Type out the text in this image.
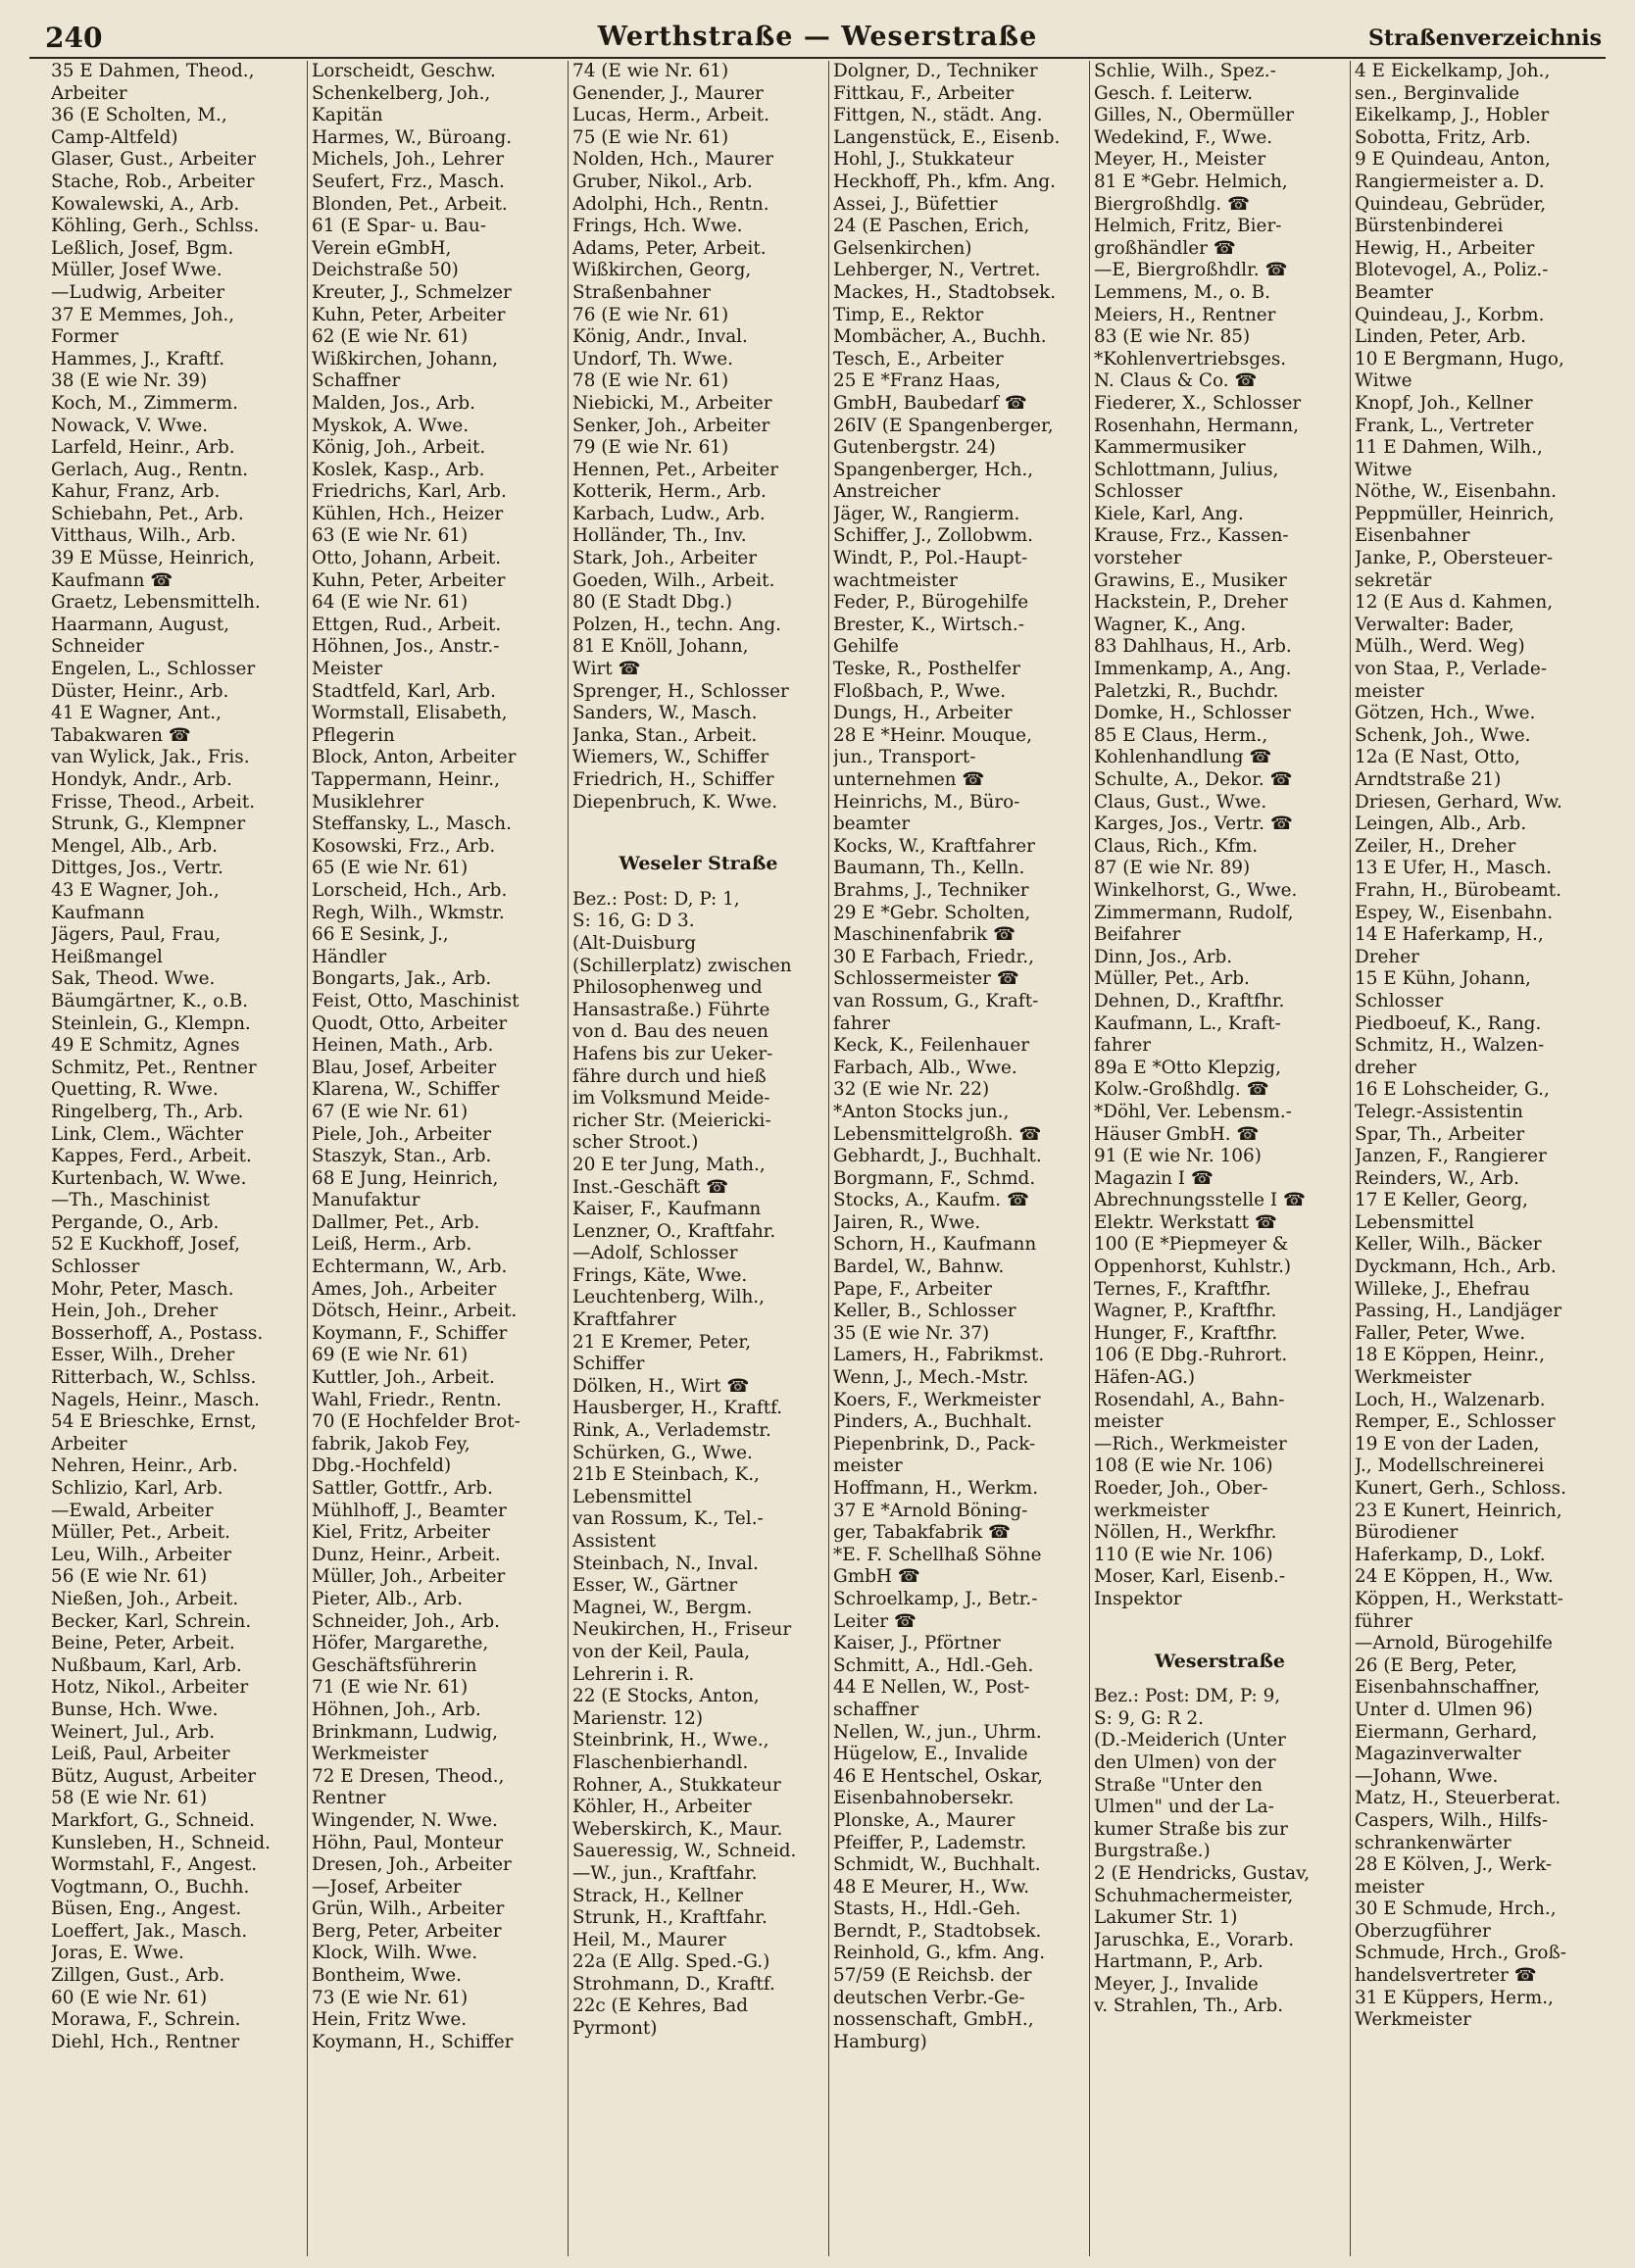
240	Werthstraße — Weserstraße	Straßenverzeichnis
35 E Dahmen, Theod.,
Arbeiter
36 (E Scholten, M.,
Camp-Altfeld)
Glaser, Gust., Arbeiter
Stache, Rob., Arbeiter
Kowalewski, A., Arb.
Köhling, Gerh., Schlss.
Leßlich, Josef, Bgm.
Müller, Josef Wwe.
—Ludwig, Arbeiter
37 E Memmes, Joh.,
Former
Hammes, J., Kraftf.
38 (E wie Nr. 39)
Koch, M., Zimmerm.
Nowack, V. Wwe.
Larfeld, Heinr., Arb.
Gerlach, Aug., Rentn.
Kahur, Franz, Arb.
Schiebahn, Pet., Arb.
Vitthaus, Wilh., Arb.
39 E Müsse, Heinrich,
Kaufmann ☎
Graetz, Lebensmittelh.
Haarmann, August,
Schneider
Engelen, L., Schlosser
Düster, Heinr., Arb.
41 E Wagner, Ant.,
Tabakwaren ☎
van Wylick, Jak., Fris.
Hondyk, Andr., Arb.
Frisse, Theod., Arbeit.
Strunk, G., Klempner
Mengel, Alb., Arb.
Dittges, Jos., Vertr.
43 E Wagner, Joh.,
Kaufmann
Jägers, Paul, Frau,
Heißmangel
Sak, Theod. Wwe.
Bäumgärtner, K., o.B.
Steinlein, G., Klempn.
49 E Schmitz, Agnes
Schmitz, Pet., Rentner
Quetting, R. Wwe.
Ringelberg, Th., Arb.
Link, Clem., Wächter
Kappes, Ferd., Arbeit.
Kurtenbach, W. Wwe.
—Th., Maschinist
Pergande, O., Arb.
52 E Kuckhoff, Josef,
Schlosser
Mohr, Peter, Masch.
Hein, Joh., Dreher
Bosserhoff, A., Postass.
Esser, Wilh., Dreher
Ritterbach, W., Schlss.
Nagels, Heinr., Masch.
54 E Brieschke, Ernst,
Arbeiter
Nehren, Heinr., Arb.
Schlizio, Karl, Arb.
—Ewald, Arbeiter
Müller, Pet., Arbeit.
Leu, Wilh., Arbeiter
56 (E wie Nr. 61)
Nießen, Joh., Arbeit.
Becker, Karl, Schrein.
Beine, Peter, Arbeit.
Nußbaum, Karl, Arb.
Hotz, Nikol., Arbeiter
Bunse, Hch. Wwe.
Weinert, Jul., Arb.
Leiß, Paul, Arbeiter
Bütz, August, Arbeiter
58 (E wie Nr. 61)
Markfort, G., Schneid.
Kunsleben, H., Schneid.
Wormstahl, F., Angest.
Vogtmann, O., Buchh.
Büsen, Eng., Angest.
Loeffert, Jak., Masch.
Joras, E. Wwe.
Zillgen, Gust., Arb.
60 (E wie Nr. 61)
Morawa, F., Schrein.
Diehl, Hch., Rentner
Lorscheidt, Geschw.
Schenkelberg, Joh.,
Kapitän
Harmes, W., Büroang.
Michels, Joh., Lehrer
Seufert, Frz., Masch.
Blonden, Pet., Arbeit.
61 (E Spar- u. Bau-
Verein eGmbH,
Deichstraße 50)
Kreuter, J., Schmelzer
Kuhn, Peter, Arbeiter
62 (E wie Nr. 61)
Wißkirchen, Johann,
Schaffner
Malden, Jos., Arb.
Myskok, A. Wwe.
König, Joh., Arbeit.
Koslek, Kasp., Arb.
Friedrichs, Karl, Arb.
Kühlen, Hch., Heizer
63 (E wie Nr. 61)
Otto, Johann, Arbeit.
Kuhn, Peter, Arbeiter
64 (E wie Nr. 61)
Ettgen, Rud., Arbeit.
Höhnen, Jos., Anstr.-
Meister
Stadtfeld, Karl, Arb.
Wormstall, Elisabeth,
Pflegerin
Block, Anton, Arbeiter
Tappermann, Heinr.,
Musiklehrer
Steffansky, L., Masch.
Kosowski, Frz., Arb.
65 (E wie Nr. 61)
Lorscheid, Hch., Arb.
Regh, Wilh., Wkmstr.
66 E Sesink, J.,
Händler
Bongarts, Jak., Arb.
Feist, Otto, Maschinist
Quodt, Otto, Arbeiter
Heinen, Math., Arb.
Blau, Josef, Arbeiter
Klarena, W., Schiffer
67 (E wie Nr. 61)
Piele, Joh., Arbeiter
Staszyk, Stan., Arb.
68 E Jung, Heinrich,
Manufaktur
Dallmer, Pet., Arb.
Leiß, Herm., Arb.
Echtermann, W., Arb.
Ames, Joh., Arbeiter
Dötsch, Heinr., Arbeit.
Koymann, F., Schiffer
69 (E wie Nr. 61)
Kuttler, Joh., Arbeit.
Wahl, Friedr., Rentn.
70 (E Hochfelder Brot-
fabrik, Jakob Fey,
Dbg.-Hochfeld)
Sattler, Gottfr., Arb.
Mühlhoff, J., Beamter
Kiel, Fritz, Arbeiter
Dunz, Heinr., Arbeit.
Müller, Joh., Arbeiter
Pieter, Alb., Arb.
Schneider, Joh., Arb.
Höfer, Margarethe,
Geschäftsführerin
71 (E wie Nr. 61)
Höhnen, Joh., Arb.
Brinkmann, Ludwig,
Werkmeister
72 E Dresen, Theod.,
Rentner
Wingender, N. Wwe.
Höhn, Paul, Monteur
Dresen, Joh., Arbeiter
—Josef, Arbeiter
Grün, Wilh., Arbeiter
Berg, Peter, Arbeiter
Klock, Wilh. Wwe.
Bontheim, Wwe.
73 (E wie Nr. 61)
Hein, Fritz Wwe.
Koymann, H., Schiffer
74 (E wie Nr. 61)
Genender, J., Maurer
Lucas, Herm., Arbeit.
75 (E wie Nr. 61)
Nolden, Hch., Maurer
Gruber, Nikol., Arb.
Adolphi, Hch., Rentn.
Frings, Hch. Wwe.
Adams, Peter, Arbeit.
Wißkirchen, Georg,
Straßenbahner
76 (E wie Nr. 61)
König, Andr., Inval.
Undorf, Th. Wwe.
78 (E wie Nr. 61)
Niebicki, M., Arbeiter
Senker, Joh., Arbeiter
79 (E wie Nr. 61)
Hennen, Pet., Arbeiter
Kotterik, Herm., Arb.
Karbach, Ludw., Arb.
Holländer, Th., Inv.
Stark, Joh., Arbeiter
Goeden, Wilh., Arbeit.
80 (E Stadt Dbg.)
Polzen, H., techn. Ang.
81 E Knöll, Johann,
Wirt ☎
Sprenger, H., Schlosser
Sanders, W., Masch.
Janka, Stan., Arbeit.
Wiemers, W., Schiffer
Friedrich, H., Schiffer
Diepenbruch, K. Wwe.
Weseler Straße
Bez.: Post: D, P: 1,
S: 16, G: D 3.
(Alt-Duisburg
(Schillerplatz) zwischen
Philosophenweg und
Hansastraße.) Führte
von d. Bau des neuen
Hafens bis zur Ueker-
fähre durch und hieß
im Volksmund Meide-
richer Str. (Meiericki-
scher Stroot.)
20 E ter Jung, Math.,
Inst.-Geschäft ☎
Kaiser, F., Kaufmann
Lenzner, O., Kraftfahr.
—Adolf, Schlosser
Frings, Käte, Wwe.
Leuchtenberg, Wilh.,
Kraftfahrer
21 E Kremer, Peter,
Schiffer
Dölken, H., Wirt ☎
Hausberger, H., Kraftf.
Rink, A., Verlademstr.
Schürken, G., Wwe.
21b E Steinbach, K.,
Lebensmittel
van Rossum, K., Tel.-
Assistent
Steinbach, N., Inval.
Esser, W., Gärtner
Magnei, W., Bergm.
Neukirchen, H., Friseur
von der Keil, Paula,
Lehrerin i. R.
22 (E Stocks, Anton,
Marienstr. 12)
Steinbrink, H., Wwe.,
Flaschenbierhandl.
Rohner, A., Stukkateur
Köhler, H., Arbeiter
Weberskirch, K., Maur.
Saueressig, W., Schneid.
—W., jun., Kraftfahr.
Strack, H., Kellner
Strunk, H., Kraftfahr.
Heil, M., Maurer
22a (E Allg. Sped.-G.)
Strohmann, D., Kraftf.
22c (E Kehres, Bad
Pyrmont)
Dolgner, D., Techniker
Fittkau, F., Arbeiter
Fittgen, N., städt. Ang.
Langenstück, E., Eisenb.
Hohl, J., Stukkateur
Heckhoff, Ph., kfm. Ang.
Assei, J., Büfettier
24 (E Paschen, Erich,
Gelsenkirchen)
Lehberger, N., Vertret.
Mackes, H., Stadtobsek.
Timp, E., Rektor
Mombächer, A., Buchh.
Tesch, E., Arbeiter
25 E *Franz Haas,
GmbH, Baubedarf ☎
26IV (E Spangenberger,
Gutenbergstr. 24)
Spangenberger, Hch.,
Anstreicher
Jäger, W., Rangierm.
Schiffer, J., Zollobwm.
Windt, P., Pol.-Haupt-
wachtmeister
Feder, P., Bürogehilfe
Brester, K., Wirtsch.-
Gehilfe
Teske, R., Posthelfer
Floßbach, P., Wwe.
Dungs, H., Arbeiter
28 E *Heinr. Mouque,
jun., Transport-
unternehmen ☎
Heinrichs, M., Büro-
beamter
Kocks, W., Kraftfahrer
Baumann, Th., Kelln.
Brahms, J., Techniker
29 E *Gebr. Scholten,
Maschinenfabrik ☎
30 E Farbach, Friedr.,
Schlossermeister ☎
van Rossum, G., Kraft-
fahrer
Keck, K., Feilenhauer
Farbach, Alb., Wwe.
32 (E wie Nr. 22)
*Anton Stocks jun.,
Lebensmittelgroßh. ☎
Gebhardt, J., Buchhalt.
Borgmann, F., Schmd.
Stocks, A., Kaufm. ☎
Jairen, R., Wwe.
Schorn, H., Kaufmann
Bardel, W., Bahnw.
Pape, F., Arbeiter
Keller, B., Schlosser
35 (E wie Nr. 37)
Lamers, H., Fabrikmst.
Wenn, J., Mech.-Mstr.
Koers, F., Werkmeister
Pinders, A., Buchhalt.
Piepenbrink, D., Pack-
meister
Hoffmann, H., Werkm.
37 E *Arnold Böning-
ger, Tabakfabrik ☎
*E. F. Schellhaß Söhne
GmbH ☎
Schroelkamp, J., Betr.-
Leiter ☎
Kaiser, J., Pförtner
Schmitt, A., Hdl.-Geh.
44 E Nellen, W., Post-
schaffner
Nellen, W., jun., Uhrm.
Hügelow, E., Invalide
46 E Hentschel, Oskar,
Eisenbahnobersekr.
Plonske, A., Maurer
Pfeiffer, P., Lademstr.
Schmidt, W., Buchhalt.
48 E Meurer, H., Ww.
Stasts, H., Hdl.-Geh.
Berndt, P., Stadtobsek.
Reinhold, G., kfm. Ang.
57/59 (E Reichsb. der
deutschen Verbr.-Ge-
nossenschaft, GmbH.,
Hamburg)
Schlie, Wilh., Spez.-
Gesch. f. Leiterw.
Gilles, N., Obermüller
Wedekind, F., Wwe.
Meyer, H., Meister
81 E *Gebr. Helmich,
Biergroßhdlg. ☎
Helmich, Fritz, Bier-
großhändler ☎
—E, Biergroßhdlr. ☎
Lemmens, M., o. B.
Meiers, H., Rentner
83 (E wie Nr. 85)
*Kohlenvertriebsges.
N. Claus & Co. ☎
Fiederer, X., Schlosser
Rosenhahn, Hermann,
Kammermusiker
Schlottmann, Julius,
Schlosser
Kiele, Karl, Ang.
Krause, Frz., Kassen-
vorsteher
Grawins, E., Musiker
Hackstein, P., Dreher
Wagner, K., Ang.
83 Dahlhaus, H., Arb.
Immenkamp, A., Ang.
Paletzki, R., Buchdr.
Domke, H., Schlosser
85 E Claus, Herm.,
Kohlenhandlung ☎
Schulte, A., Dekor. ☎
Claus, Gust., Wwe.
Karges, Jos., Vertr. ☎
Claus, Rich., Kfm.
87 (E wie Nr. 89)
Winkelhorst, G., Wwe.
Zimmermann, Rudolf,
Beifahrer
Dinn, Jos., Arb.
Müller, Pet., Arb.
Dehnen, D., Kraftfhr.
Kaufmann, L., Kraft-
fahrer
89a E *Otto Klepzig,
Kolw.-Großhdlg. ☎
*Döhl, Ver. Lebensm.-
Häuser GmbH. ☎
91 (E wie Nr. 106)
Magazin I ☎
Abrechnungsstelle I ☎
Elektr. Werkstatt ☎
100 (E *Piepmeyer &
Oppenhorst, Kuhlstr.)
Ternes, F., Kraftfhr.
Wagner, P., Kraftfhr.
Hunger, F., Kraftfhr.
106 (E Dbg.-Ruhrort.
Häfen-AG.)
Rosendahl, A., Bahn-
meister
—Rich., Werkmeister
108 (E wie Nr. 106)
Roeder, Joh., Ober-
werkmeister
Nöllen, H., Werkfhr.
110 (E wie Nr. 106)
Moser, Karl, Eisenb.-
Inspektor
Weserstraße
Bez.: Post: DM, P: 9,
S: 9, G: R 2.
(D.-Meiderich (Unter
den Ulmen) von der
Straße "Unter den
Ulmen" und der La-
kumer Straße bis zur
Burgstraße.)
2 (E Hendricks, Gustav,
Schuhmachermeister,
Lakumer Str. 1)
Jaruschka, E., Vorarb.
Hartmann, P., Arb.
Meyer, J., Invalide
v. Strahlen, Th., Arb.
4 E Eickelkamp, Joh.,
sen., Berginvalide
Eikelkamp, J., Hobler
Sobotta, Fritz, Arb.
9 E Quindeau, Anton,
Rangiermeister a. D.
Quindeau, Gebrüder,
Bürstenbinderei
Hewig, H., Arbeiter
Blotevogel, A., Poliz.-
Beamter
Quindeau, J., Korbm.
Linden, Peter, Arb.
10 E Bergmann, Hugo,
Witwe
Knopf, Joh., Kellner
Frank, L., Vertreter
11 E Dahmen, Wilh.,
Witwe
Nöthe, W., Eisenbahn.
Peppmüller, Heinrich,
Eisenbahner
Janke, P., Obersteuer-
sekretär
12 (E Aus d. Kahmen,
Verwalter: Bader,
Mülh., Werd. Weg)
von Staa, P., Verlade-
meister
Götzen, Hch., Wwe.
Schenk, Joh., Wwe.
12a (E Nast, Otto,
Arndtstraße 21)
Driesen, Gerhard, Ww.
Leingen, Alb., Arb.
Zeiler, H., Dreher
13 E Ufer, H., Masch.
Frahn, H., Bürobeamt.
Espey, W., Eisenbahn.
14 E Haferkamp, H.,
Dreher
15 E Kühn, Johann,
Schlosser
Piedboeuf, K., Rang.
Schmitz, H., Walzen-
dreher
16 E Lohscheider, G.,
Telegr.-Assistentin
Spar, Th., Arbeiter
Janzen, F., Rangierer
Reinders, W., Arb.
17 E Keller, Georg,
Lebensmittel
Keller, Wilh., Bäcker
Dyckmann, Hch., Arb.
Willeke, J., Ehefrau
Passing, H., Landjäger
Faller, Peter, Wwe.
18 E Köppen, Heinr.,
Werkmeister
Loch, H., Walzenarb.
Remper, E., Schlosser
19 E von der Laden,
J., Modellschreinerei
Kunert, Gerh., Schloss.
23 E Kunert, Heinrich,
Bürodiener
Haferkamp, D., Lokf.
24 E Köppen, H., Ww.
Köppen, H., Werkstatt-
führer
—Arnold, Bürogehilfe
26 (E Berg, Peter,
Eisenbahnschaffner,
Unter d. Ulmen 96)
Eiermann, Gerhard,
Magazinverwalter
—Johann, Wwe.
Matz, H., Steuerberat.
Caspers, Wilh., Hilfs-
schrankenwärter
28 E Kölven, J., Werk-
meister
30 E Schmude, Hrch.,
Oberzugführer
Schmude, Hrch., Groß-
handelsvertreter ☎
31 E Küppers, Herm.,
Werkmeister
